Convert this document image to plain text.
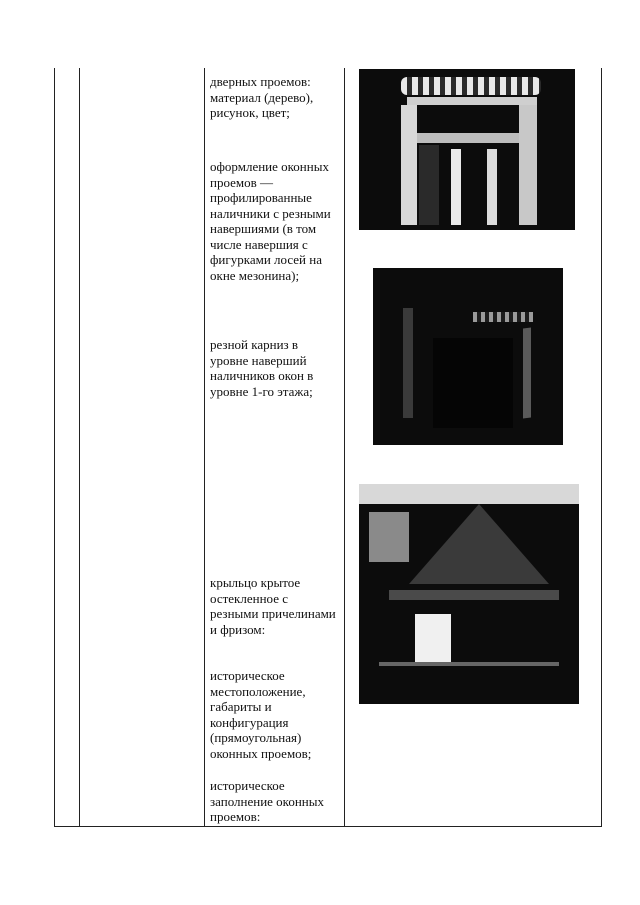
дверных проемов: материал (дерево), рисунок, цвет;

оформление оконных проемов — профилированные наличники с резными навершиями (в том числе навершия с фигурками лосей на окне мезонина);

резной карниз в уровне наверший наличников окон в уровне 1-го этажа;

крыльцо крытое остекленное с резными причелинами и фризом:

историческое местоположение, габариты и конфигурация (прямоугольная) оконных проемов;

историческое заполнение оконных проемов:
